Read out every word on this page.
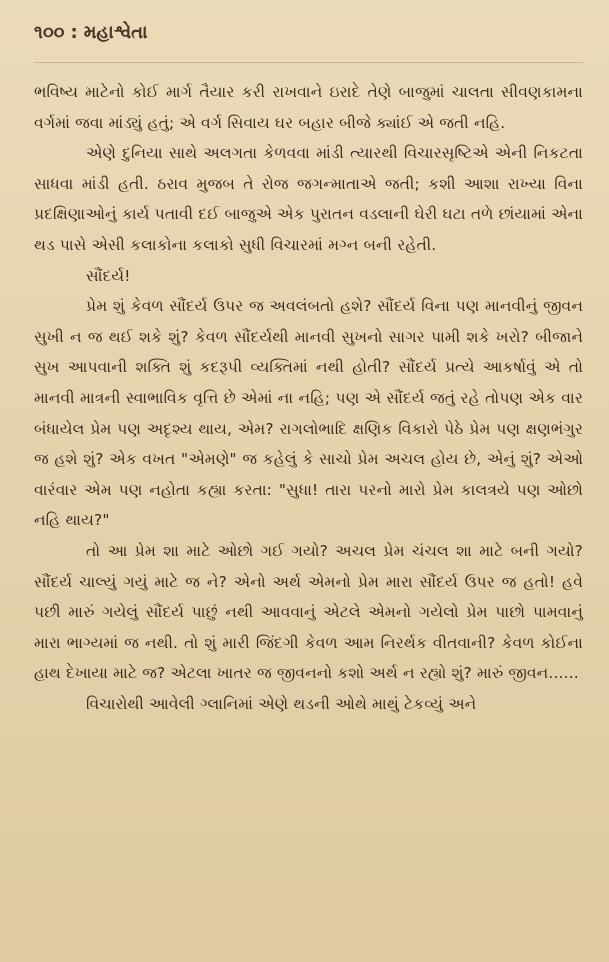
૧૦૦ : મહાશ્વેતા

ભવિષ્ય માટેનો કોઈ માર્ગ તૈયાર કરી રાખવાને ઇરાદે તેણે બાજુમાં ચાલતા સીવણકામના વર્ગમાં જવા માંડ્યું હતું; એ વર્ગ સિવાય ઘર બહાર બીજે ક્યાંઈ એ જતી નહિ.

એણે દુનિયા સાથે અલગતા કેળવવા માંડી ત્યારથી વિચારસૃષ્ટિએ એની નિકટતા સાધવા માંડી હતી. ઠરાવ મુજબ તે રોજ જગન્માતાએ જતી; કશી આશા રાખ્યા વિના પ્રદક્ષિણાઓનું કાર્ય પતાવી દઈ બાજુએ એક પુરાતન વડલાની ઘેરી ઘટા તળે છાંયામાં એના થડ પાસે એસી કલાકોના કલાકો સુધી વિચારમાં મગ્ન બની રહેતી.

સૌંદર્ય!

પ્રેમ શું કેવળ સૌંદર્ય ઉપર જ અવલંબતો હશે? સૌંદર્ય વિના પણ માનવીનું જીવન સુખી ન જ થઈ શકે શું? કેવળ સૌંદર્યથી માનવી સુખનો સાગર પામી શકે ખરો? બીજાને સુખ આપવાની શક્તિ શું કદરૂપી વ્યક્તિમાં નથી હોતી? સૌંદર્ય પ્રત્યે આકર્ષાવું એ તો માનવી માત્રની સ્વાભાવિક વૃત્તિ છે એમાં ના નહિ; પણ એ સૌંદર્ય જતું રહે તોપણ એક વાર બંધાયેલ પ્રેમ પણ અદૃશ્ય થાય, એમ? રાગલોભાદિ ક્ષણિક વિકારો પેઠે પ્રેમ પણ ક્ષણભંગુર જ હશે શું? એક વખત "એમણે" જ કહેલું કે સાચો પ્રેમ અચલ હોય છે, એનું શું? એઓ વારંવાર એમ પણ નહોતા કહ્યા કરતા: "સુધા! તારા પરનો મારો પ્રેમ કાલત્રયે પણ ઓછો નહિ થાય?"

તો આ પ્રેમ શા માટે ઓછો ગઈ ગયો? અચલ પ્રેમ ચંચલ શા માટે બની ગયો? સૌંદર્ય ચાલ્યું ગયું માટે જ ને? એનો અર્થ એમનો પ્રેમ મારા સૌંદર્ય ઉપર જ હતો! હવે પછી મારું ગયેલું સૌંદર્ય પાછું નથી આવવાનું એટલે એમનો ગયેલો પ્રેમ પાછો પામવાનું મારા ભાગ્યમાં જ નથી. તો શું મારી જિંદગી કેવળ આમ નિરર્થક વીતવાની? કેવળ કોઈના હાથ દેખાયા માટે જ? એટલા ખાતર જ જીવનનો કશો અર્થ ન રહ્યો શું? મારું જીવન......

વિચારોથી આવેલી ગ્લાનિમાં એણે થડની ઓથે માથું ટેકવ્યું અને
